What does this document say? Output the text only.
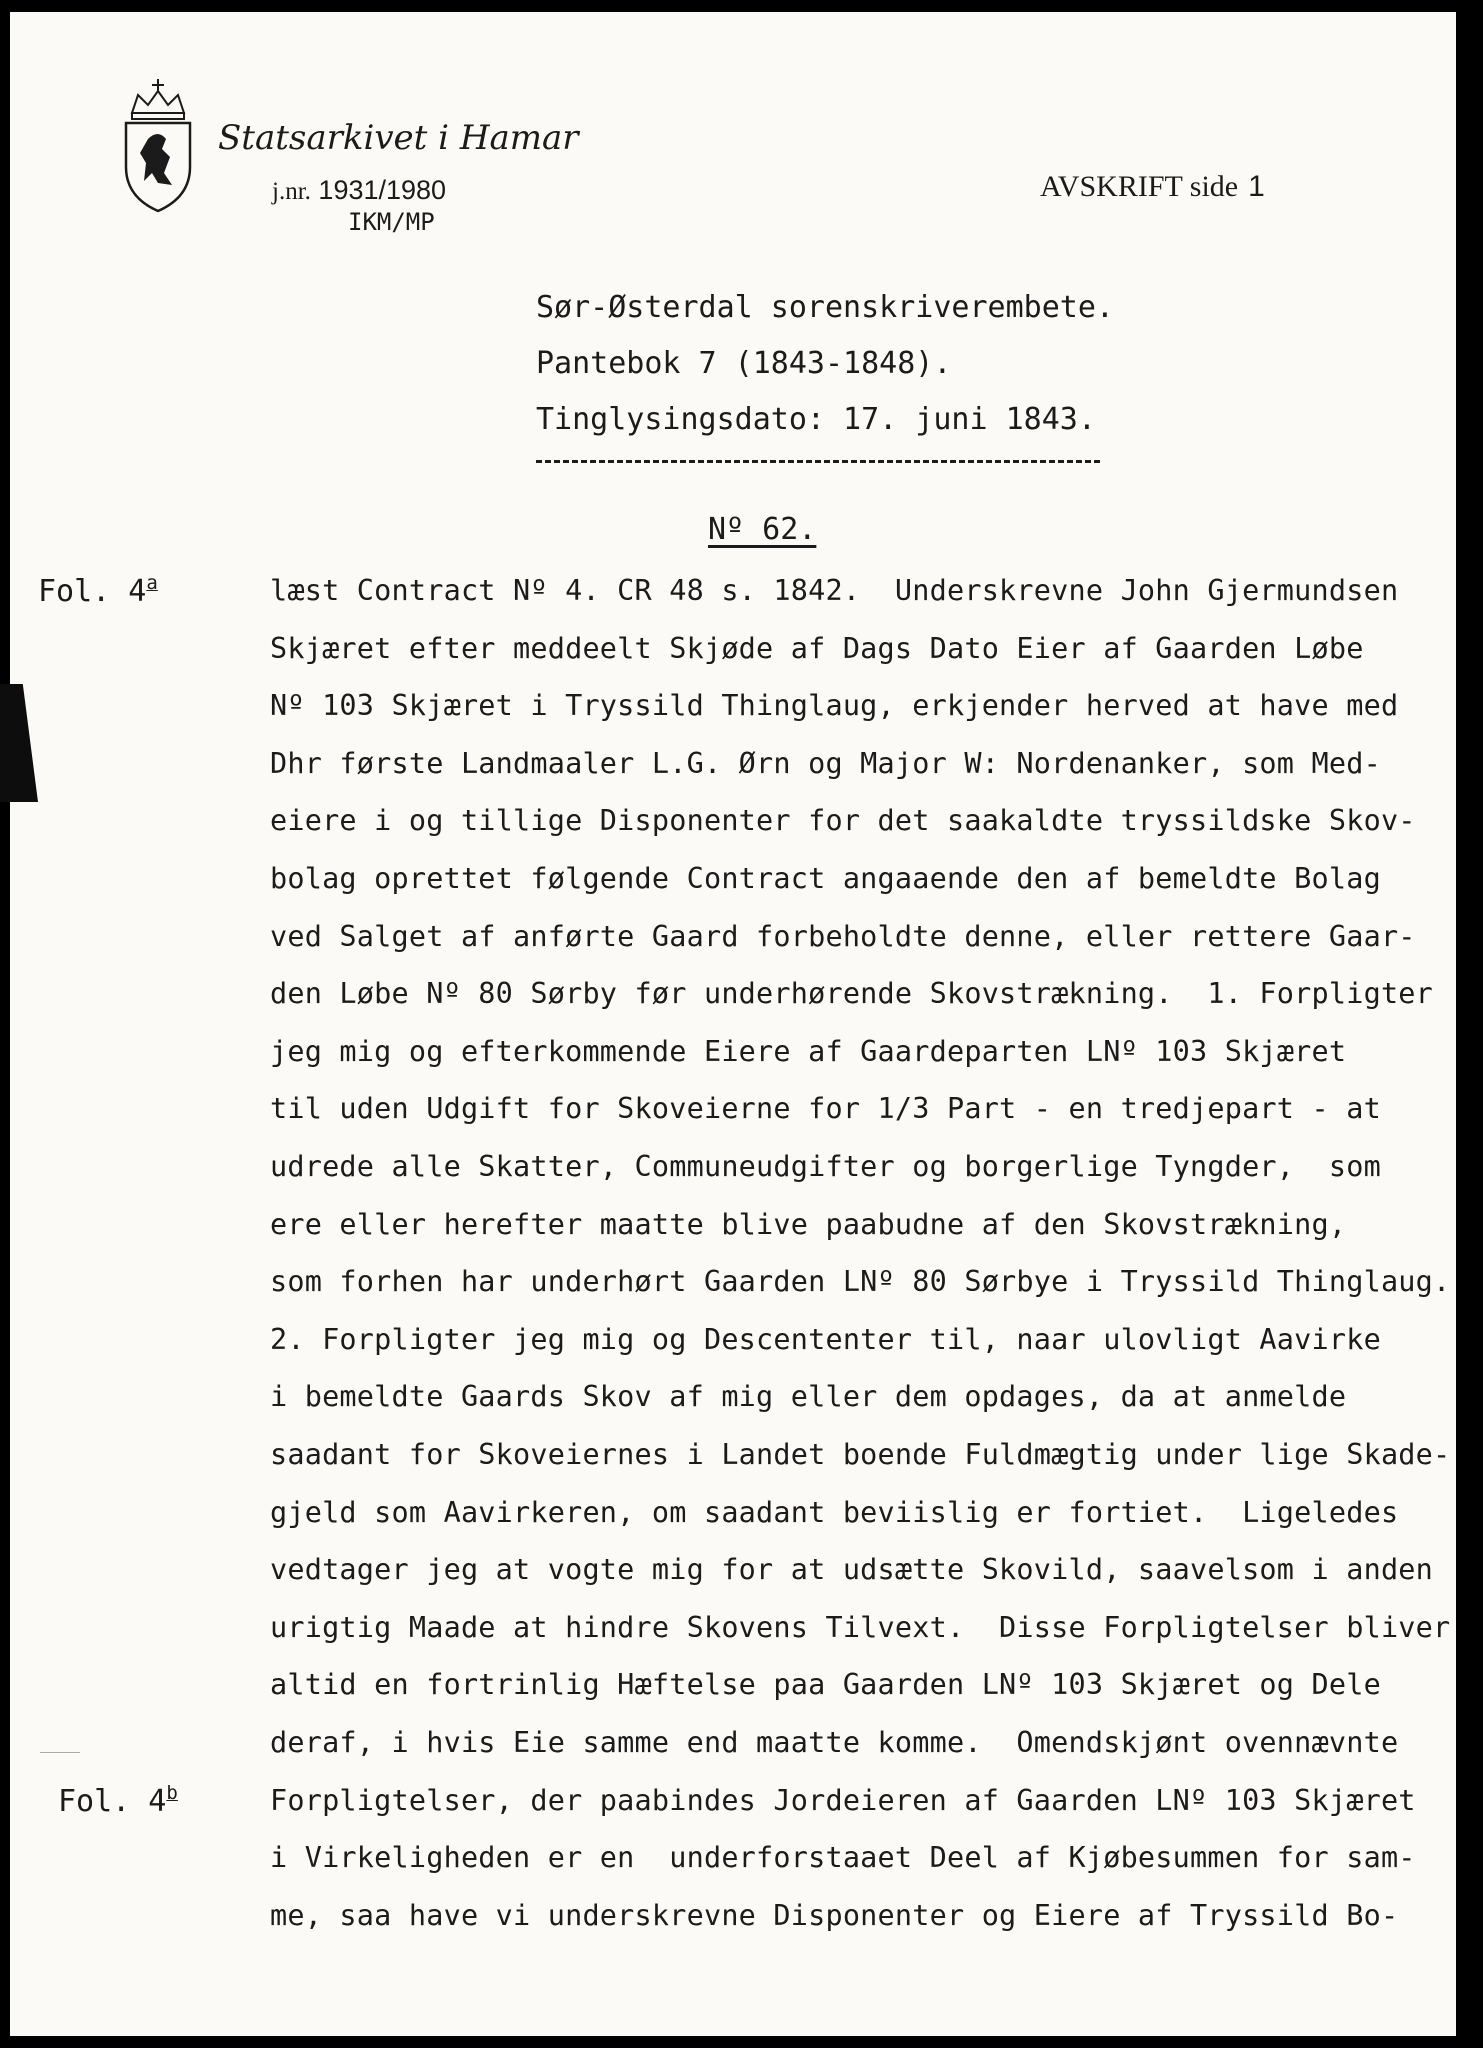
Statsarkivet i Hamar
j.nr. 1931/1980
IKM/MP
AVSKRIFT side 1
Sør-Østerdal sorenskriverembete.
Pantebok 7 (1843-1848).
Tinglysingsdato: 17. juni 1843.
Nº 62.
Fol. 4$^a$
Fol. 4$^b$
læst Contract Nº 4. CR 48 s. 1842.  Underskrevne John Gjermundsen
Skjæret efter meddeelt Skjøde af Dags Dato Eier af Gaarden Løbe
Nº 103 Skjæret i Tryssild Thinglaug, erkjender herved at have med
Dhr første Landmaaler L.G. Ørn og Major W: Nordenanker, som Med-
eiere i og tillige Disponenter for det saakaldte tryssildske Skov-
bolag oprettet følgende Contract angaaende den af bemeldte Bolag
ved Salget af anførte Gaard forbeholdte denne, eller rettere Gaar-
den Løbe Nº 80 Sørby før underhørende Skovstrækning.  1. Forpligter
jeg mig og efterkommende Eiere af Gaardeparten LNº 103 Skjæret
til uden Udgift for Skoveierne for 1/3 Part - en tredjepart - at
udrede alle Skatter, Communeudgifter og borgerlige Tyngder,  som
ere eller herefter maatte blive paabudne af den Skovstrækning,
som forhen har underhørt Gaarden LNº 80 Sørbye i Tryssild Thinglaug.
2. Forpligter jeg mig og Descententer til, naar ulovligt Aavirke
i bemeldte Gaards Skov af mig eller dem opdages, da at anmelde
saadant for Skoveiernes i Landet boende Fuldmægtig under lige Skade-
gjeld som Aavirkeren, om saadant beviislig er fortiet.  Ligeledes
vedtager jeg at vogte mig for at udsætte Skovild, saavelsom i anden
urigtig Maade at hindre Skovens Tilvext.  Disse Forpligtelser bliver
altid en fortrinlig Hæftelse paa Gaarden LNº 103 Skjæret og Dele
deraf, i hvis Eie samme end maatte komme.  Omendskjønt ovennævnte
Forpligtelser, der paabindes Jordeieren af Gaarden LNº 103 Skjæret
i Virkeligheden er en  underforstaaet Deel af Kjøbesummen for sam-
me, saa have vi underskrevne Disponenter og Eiere af Tryssild Bo-
